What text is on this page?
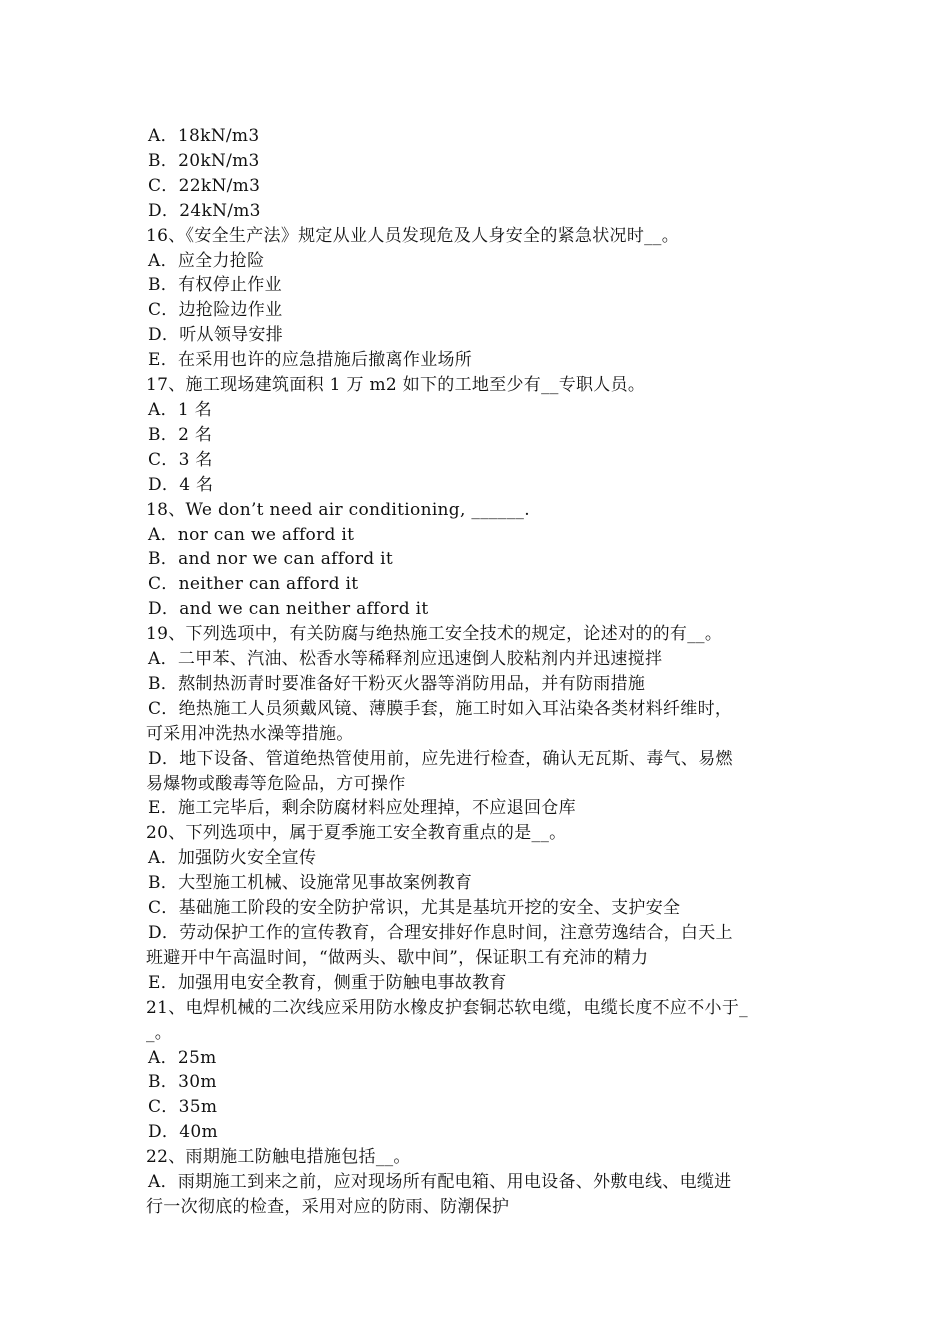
A．18kN/m3

B．20kN/m3

C．22kN/m3

D．24kN/m3

16、《安全生产法》规定从业人员发现危及人身安全的紧急状况时__。

A．应全力抢险

B．有权停止作业

C．边抢险边作业

D．听从领导安排

E．在采用也许的应急措施后撤离作业场所

17、施工现场建筑面积 1 万 m2 如下的工地至少有__专职人员。

A．1 名

B．2 名

C．3 名

D．4 名

18、We don’t need air conditioning, ______.

A．nor can we afford it

B．and nor we can afford it

C．neither can afford it

D．and we can neither afford it

19、下列选项中，有关防腐与绝热施工安全技术的规定，论述对的的有__。

A．二甲苯、汽油、松香水等稀释剂应迅速倒人胶粘剂内并迅速搅拌

B．熬制热沥青时要准备好干粉灭火器等消防用品，并有防雨措施

C．绝热施工人员须戴风镜、薄膜手套，施工时如入耳沾染各类材料纤维时，

可采用冲洗热水澡等措施。

D．地下设备、管道绝热管使用前，应先进行检查，确认无瓦斯、毒气、易燃

易爆物或酸毒等危险品，方可操作

E．施工完毕后，剩余防腐材料应处理掉，不应退回仓库

20、下列选项中，属于夏季施工安全教育重点的是__。

A．加强防火安全宣传

B．大型施工机械、设施常见事故案例教育

C．基础施工阶段的安全防护常识，尤其是基坑开挖的安全、支护安全

D．劳动保护工作的宣传教育，合理安排好作息时间，注意劳逸结合，白天上

班避开中午高温时间，“做两头、歇中间”，保证职工有充沛的精力

E．加强用电安全教育，侧重于防触电事故教育

21、电焊机械的二次线应采用防水橡皮护套铜芯软电缆，电缆长度不应不小于_

_。

A．25m

B．30m

C．35m

D．40m

22、雨期施工防触电措施包括__。

A．雨期施工到来之前，应对现场所有配电箱、用电设备、外敷电线、电缆进

行一次彻底的检查，采用对应的防雨、防潮保护
